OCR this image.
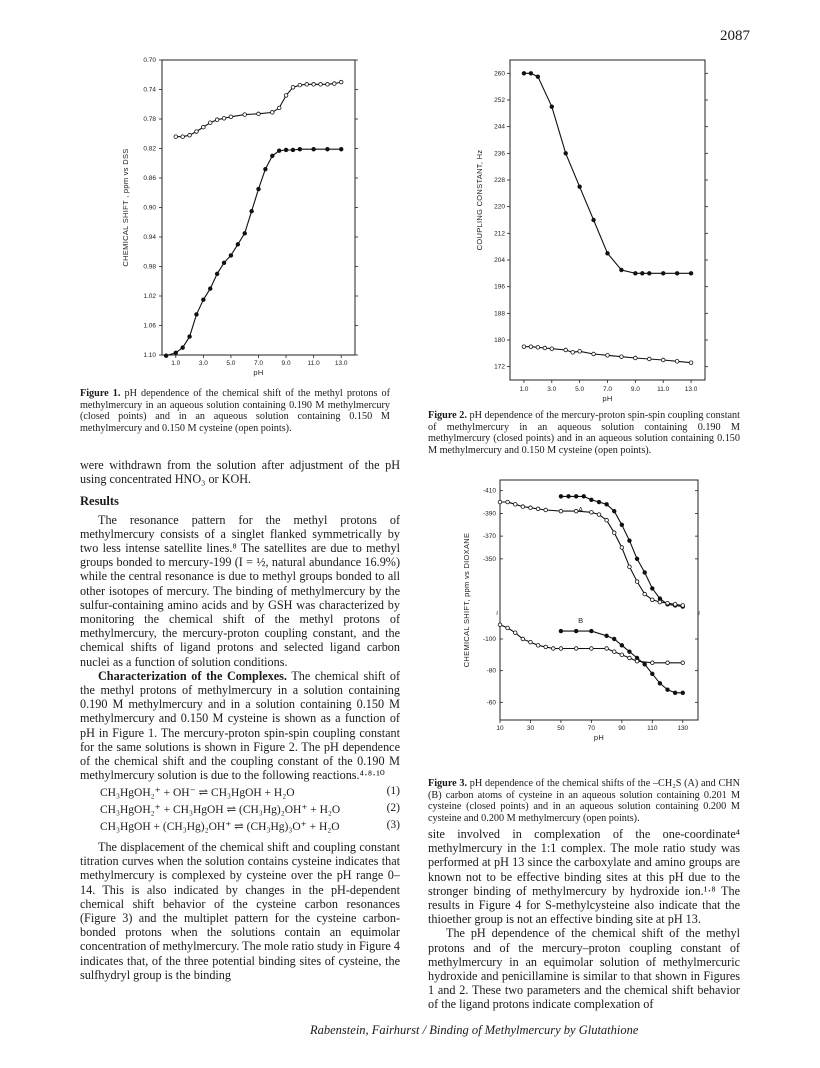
2087
0.70
0.74
0.78
0.82
0.86
0.90
0.94
0.98
1.02
1.06
1.10
1.0	3.0	5.0	7.0	9.0	11.0 13.0
pH
CHEMICAL SHIFT , ppm vs DSS
Figure 1. pH dependence of the chemical shift of the methyl protons of methylmercury in an aqueous solution containing 0.190 M methylmercury (closed points) and in an aqueous solution containing 0.150 M methylmercury and 0.150 M cysteine (open points).
260
252
244
236
228
220
212
204
196
188
180
172
1.0	3.0	5.0	7.0	9.0	11.0 13.0
pH
COUPLING CONSTANT, Hz
Figure 2. pH dependence of the mercury-proton spin-spin coupling constant of methylmercury in an aqueous solution containing 0.190 M methylmercury (closed points) and in an aqueous solution containing 0.150 M methylmercury and 0.150 M cysteine (open points).
≀	≀
-410
-390
-370
-350
-100
-80
-60
10	30	50	70	90	110	130
pH
CHEMICAL SHIFT, ppm vs DIOXANE
A
B
Figure 3. pH dependence of the chemical shifts of the –CH₂S (A) and CHN (B) carbon atoms of cysteine in an aqueous solution containing 0.201 M cysteine (closed points) and in an aqueous solution containing 0.200 M cysteine and 0.200 M methylmercury (open points).

were withdrawn from the solution after adjustment of the pH using concentrated HNO₃ or KOH.

Results

The resonance pattern for the methyl protons of methylmercury consists of a singlet flanked symmetrically by two less intense satellite lines.⁸ The satellites are due to methyl groups bonded to mercury-199 (I = ½, natural abundance 16.9%) while the central resonance is due to methyl groups bonded to all other isotopes of mercury. The binding of methylmercury by the sulfur-containing amino acids and by GSH was characterized by monitoring the chemical shift of the methyl protons of methylmercury, the mercury-proton coupling constant, and the chemical shifts of ligand protons and selected ligand carbon nuclei as a function of solution conditions.

Characterization of the Complexes. The chemical shift of the methyl protons of methylmercury in a solution containing 0.190 M methylmercury and in a solution containing 0.150 M methylmercury and 0.150 M cysteine is shown as a function of pH in Figure 1. The mercury-proton spin-spin coupling constant for the same solutions is shown in Figure 2. The pH dependence of the chemical shift and the coupling constant of the 0.190 M methylmercury solution is due to the following reactions.⁴·⁸·¹⁰

CH₃HgOH₂⁺ + OH⁻ ⇌ CH₃HgOH + H₂O	(1)
CH₃HgOH₂⁺ + CH₃HgOH ⇌ (CH₃Hg)₂OH⁺ + H₂O	(2)
CH₃HgOH + (CH₃Hg)₂OH⁺ ⇌ (CH₃Hg)₃O⁺ + H₂O	(3)

The displacement of the chemical shift and coupling constant titration curves when the solution contains cysteine indicates that methylmercury is complexed by cysteine over the pH range 0–14. This is also indicated by changes in the pH-dependent chemical shift behavior of the cysteine carbon resonances (Figure 3) and the multiplet pattern for the cysteine carbon-bonded protons when the solutions contain an equimolar concentration of methylmercury. The mole ratio study in Figure 4 indicates that, of the three potential binding sites of cysteine, the sulfhydryl group is the binding

site involved in complexation of the one-coordinate⁴ methylmercury in the 1:1 complex. The mole ratio study was performed at pH 13 since the carboxylate and amino groups are known not to be effective binding sites at this pH due to the stronger binding of methylmercury by hydroxide ion.¹·⁸ The results in Figure 4 for S-methylcysteine also indicate that the thioether group is not an effective binding site at pH 13.

The pH dependence of the chemical shift of the methyl protons and of the mercury–proton coupling constant of methylmercury in an equimolar solution of methylmercuric hydroxide and penicillamine is similar to that shown in Figures 1 and 2. These two parameters and the chemical shift behavior of the ligand protons indicate complexation of

Rabenstein, Fairhurst / Binding of Methylmercury by Glutathione
